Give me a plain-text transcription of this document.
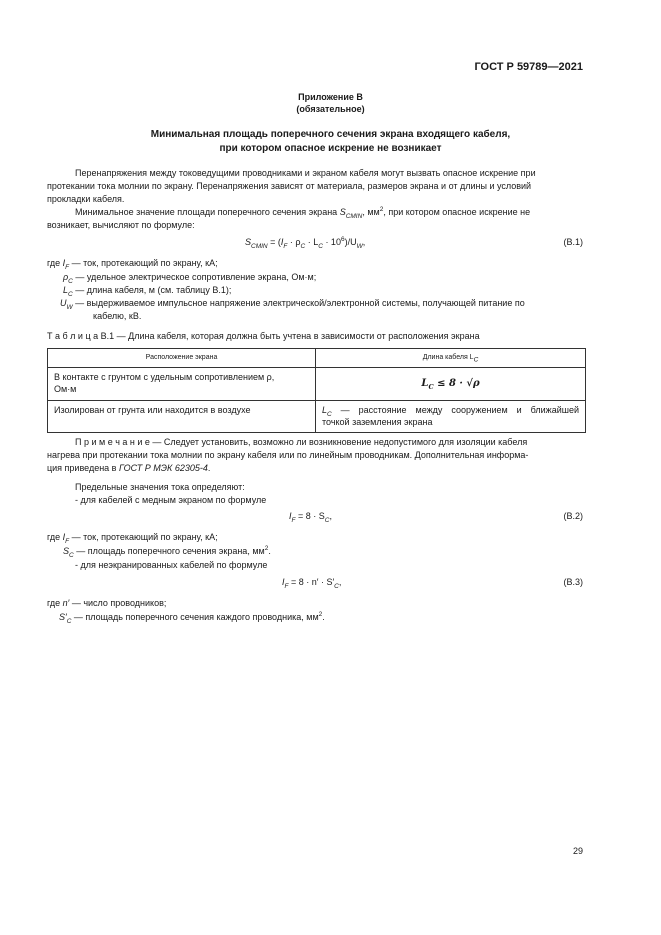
ГОСТ Р 59789—2021
Приложение В
(обязательное)
Минимальная площадь поперечного сечения экрана входящего кабеля,
при котором опасное искрение не возникает
Перенапряжения между токоведущими проводниками и экраном кабеля могут вызвать опасное искрение при
протекании тока молнии по экрану. Перенапряжения зависят от материала, размеров экрана и от длины и условий
прокладки кабеля.
Минимальное значение площади поперечного сечения экрана $S_{CMIN}$, $мм^2$, при котором опасное искрение не
возникает, вычисляют по формуле:
$S_{CMIN} = (I_F \cdot \rho_C \cdot L_C \cdot 10^6)/U_W$,	(В.1)
где $I_F$ — ток, протекающий по экрану, кА;
$\rho_C$ — удельное электрическое сопротивление экрана, Ом·м;
$L_C$ — длина кабеля, м (см. таблицу В.1);
$U_W$ — выдерживаемое импульсное напряжение электрической/электронной системы, получающей питание по
кабелю, кВ.
Т а б л и ц а В.1 — Длина кабеля, которая должна быть учтена в зависимости от расположения экрана
Расположение экрана	Длина кабеля $L_C$

В контакте с грунтом с удельным сопротивлением ρ,
Ом·м	$L_C \le 8 \cdot √\rho$
Изолирован от грунта или находится в воздухе	$L_C$ — расстояние между сооружением и ближайшей
точкой заземления экрана
П р и м е ч а н и е — Следует установить, возможно ли возникновение недопустимого для изоляции кабеля
нагрева при протекании тока молнии по экрану кабеля или по линейным проводникам. Дополнительная информа-
ция приведена в ГОСТ Р МЭК 62305-4.
Предельные значения тока определяют:
- для кабелей с медным экраном по формуле
$I_F = 8 \cdot S_C$,	(В.2)
где $I_F$ — ток, протекающий по экрану, кА;
$S_C$ — площадь поперечного сечения экрана, $мм^2$.
- для неэкранированных кабелей по формуле
$I_F = 8 \cdot n' \cdot S'_C$,	(В.3)
где n′ — число проводников;
$S'_C$ — площадь поперечного сечения каждого проводника, $мм^2$.
29
